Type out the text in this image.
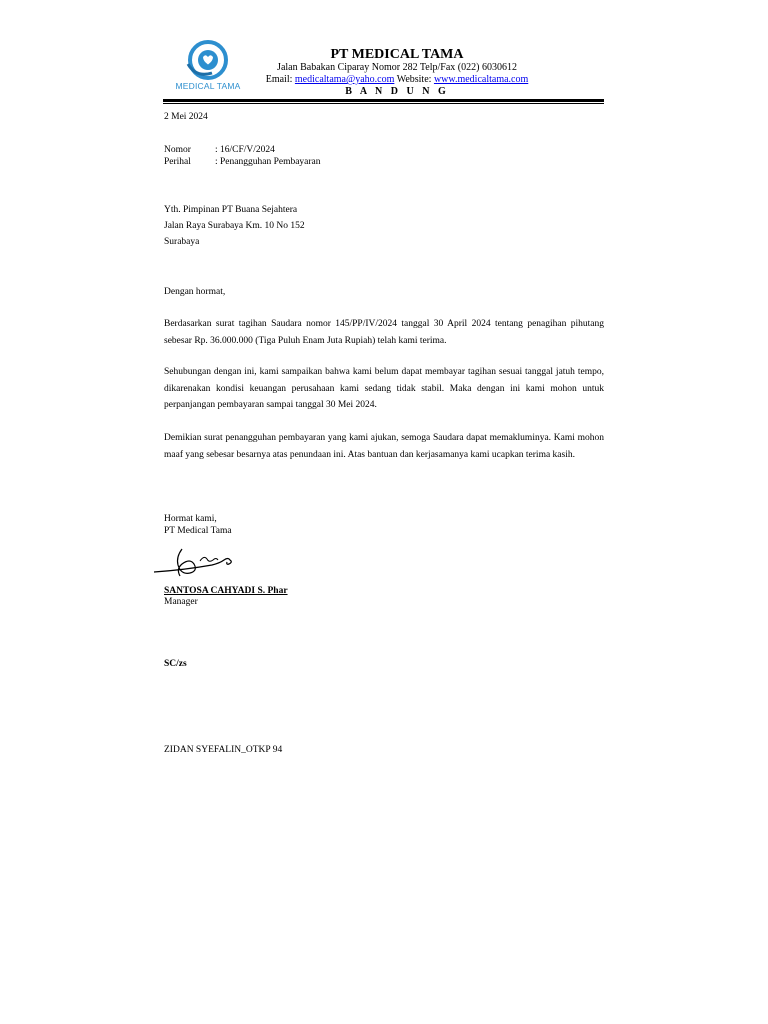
MEDICAL TAMA
PT MEDICAL TAMA
Jalan Babakan Ciparay Nomor 282 Telp/Fax (022) 6030612
Email: medicaltama@yaho.com Website: www.medicaltama.com
B A N D U N G
2 Mei 2024
Nomor	: 16/CF/V/2024
Perihal	: Penangguhan Pembayaran
Yth. Pimpinan PT Buana Sejahtera
Jalan Raya Surabaya Km. 10 No 152
Surabaya
Dengan hormat,
Berdasarkan surat tagihan Saudara nomor 145/PP/IV/2024 tanggal 30 April 2024 tentang penagihan pihutang sebesar Rp. 36.000.000 (Tiga Puluh Enam Juta Rupiah) telah kami terima.
Sehubungan dengan ini, kami sampaikan bahwa kami belum dapat membayar tagihan sesuai tanggal jatuh tempo, dikarenakan kondisi keuangan perusahaan kami sedang tidak stabil. Maka dengan ini kami mohon untuk perpanjangan pembayaran sampai tanggal 30 Mei 2024.
Demikian surat penangguhan pembayaran yang kami ajukan, semoga Saudara dapat memakluminya. Kami mohon maaf yang sebesar besarnya atas penundaan ini. Atas bantuan dan kerjasamanya kami ucapkan terima kasih.
Hormat kami,
PT Medical Tama
SANTOSA CAHYADI S. Phar
Manager
SC/zs
ZIDAN SYEFALIN_OTKP 94
